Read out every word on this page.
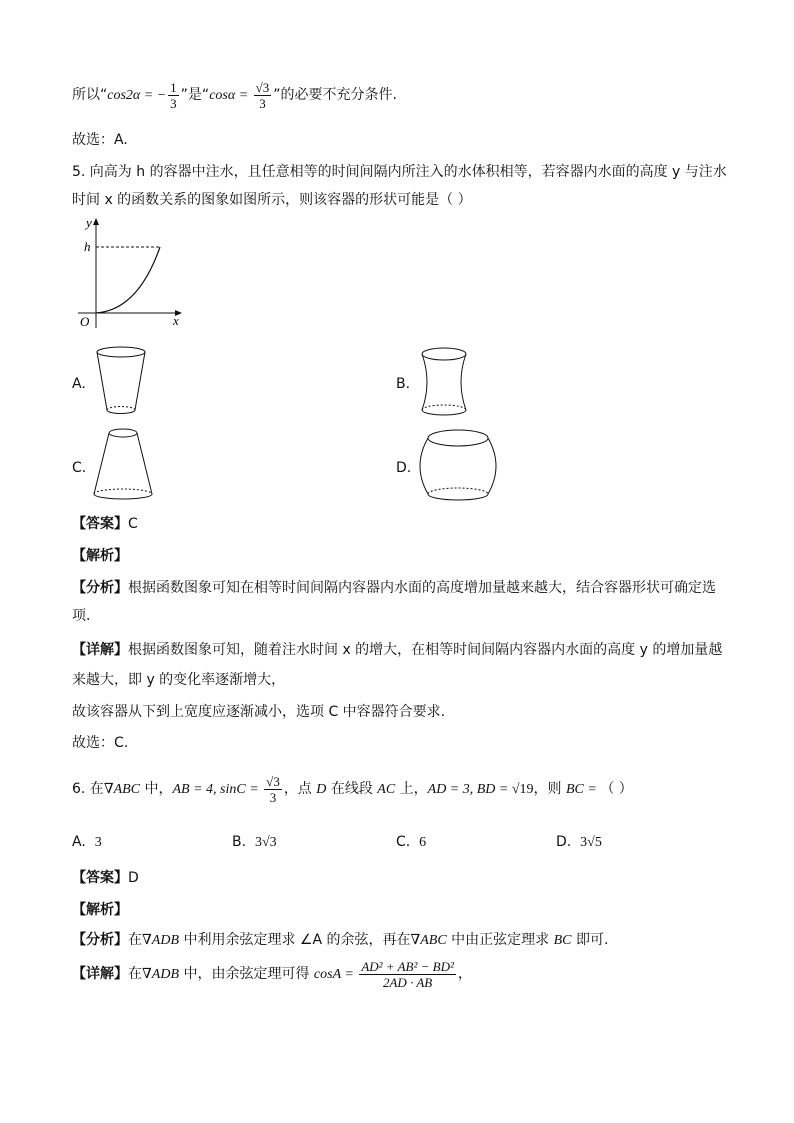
所以“cos2α = − $\frac{1}{3}$ ”是“$\cos\alpha = \frac{√3}{3}$ ”的必要不充分条件.
故选：A.
5. 向高为 h 的容器中注水，且任意相等的时间间隔内所注入的水体积相等，若容器内水面的高度 y 与注水
时间 x 的函数关系的图象如图所示，则该容器的形状可能是（ ）
y
h
O	x
A.	B.
C.	D.
【答案】C
【解析】
【分析】根据函数图象可知在相等时间间隔内容器内水面的高度增加量越来越大，结合容器形状可确定选
项.
【详解】根据函数图象可知，随着注水时间 x 的增大，在相等时间间隔内容器内水面的高度 y 的增加量越
来越大，即 y 的变化率逐渐增大，
故该容器从下到上宽度应逐渐减小，选项 C 中容器符合要求.
故选：C.
6. 在∇ABC 中，AB = 4, $\sin C = \frac{√3}{3}$ ，点 D 在线段 AC 上，AD = 3, BD = √19，则 BC = （ ）
A. 3	B. 3√3	C. 6	D. 3√5
【答案】D
【解析】
【分析】在∇ADB 中利用余弦定理求 ∠A 的余弦，再在∇ABC 中由正弦定理求 BC 即可.
【详解】在∇ADB 中，由余弦定理可得 $\cos A = \frac{\text{AD² + AB² − BD²}}{2AD \cdot AB}$ ，
